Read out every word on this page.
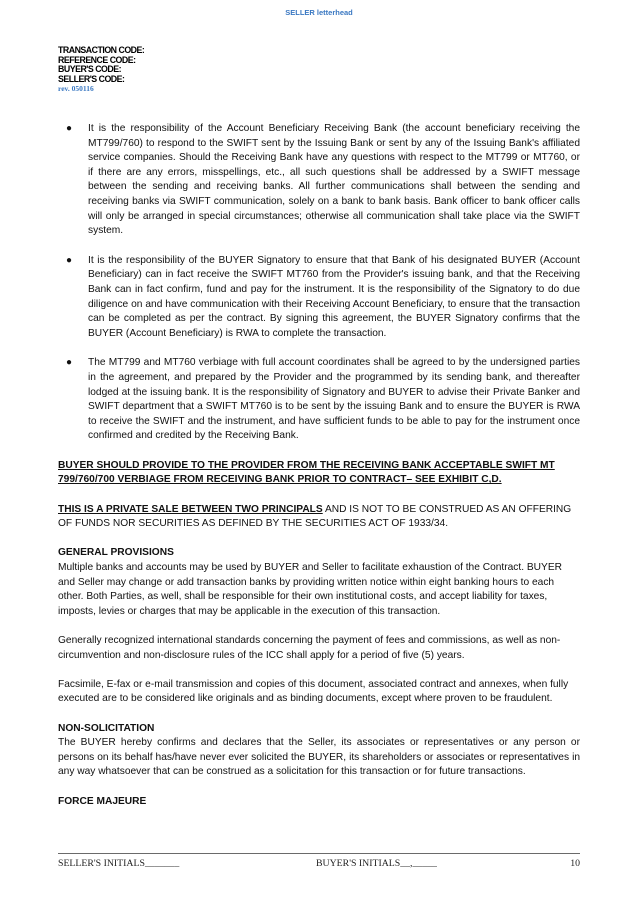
SELLER letterhead
TRANSACTION CODE:
REFERENCE CODE:
BUYER'S CODE:
SELLER'S CODE:
rev. 050116
● It is the responsibility of the Account Beneficiary Receiving Bank (the account beneficiary receiving the MT799/760) to respond to the SWIFT sent by the Issuing Bank or sent by any of the Issuing Bank's affiliated service companies. Should the Receiving Bank have any questions with respect to the MT799 or MT760, or if there are any errors, misspellings, etc., all such questions shall be addressed by a SWIFT message between the sending and receiving banks. All further communications shall between the sending and receiving banks via SWIFT communication, solely on a bank to bank basis. Bank officer to bank officer calls will only be arranged in special circumstances; otherwise all communication shall take place via the SWIFT system.
● It is the responsibility of the BUYER Signatory to ensure that that Bank of his designated BUYER (Account Beneficiary) can in fact receive the SWIFT MT760 from the Provider's issuing bank, and that the Receiving Bank can in fact confirm, fund and pay for the instrument. It is the responsibility of the Signatory to do due diligence on and have communication with their Receiving Account Beneficiary, to ensure that the transaction can be completed as per the contract. By signing this agreement, the BUYER Signatory confirms that the BUYER (Account Beneficiary) is RWA to complete the transaction.
● The MT799 and MT760 verbiage with full account coordinates shall be agreed to by the undersigned parties in the agreement, and prepared by the Provider and the programmed by its sending bank, and thereafter lodged at the issuing bank. It is the responsibility of Signatory and BUYER to advise their Private Banker and SWIFT department that a SWIFT MT760 is to be sent by the issuing Bank and to ensure the BUYER is RWA to receive the SWIFT and the instrument, and have sufficient funds to be able to pay for the instrument once confirmed and credited by the Receiving Bank.

BUYER SHOULD PROVIDE TO THE PROVIDER FROM THE RECEIVING BANK ACCEPTABLE SWIFT MT 799/760/700 VERBIAGE FROM RECEIVING BANK PRIOR TO CONTRACT– SEE EXHIBIT C,D.

THIS IS A PRIVATE SALE BETWEEN TWO PRINCIPALS AND IS NOT TO BE CONSTRUED AS AN OFFERING OF FUNDS NOR SECURITIES AS DEFINED BY THE SECURITIES ACT OF 1933/34.

GENERAL PROVISIONS

Multiple banks and accounts may be used by BUYER and Seller to facilitate exhaustion of the Contract. BUYER and Seller may change or add transaction banks by providing written notice within eight banking hours to each other. Both Parties, as well, shall be responsible for their own institutional costs, and accept liability for taxes, imposts, levies or charges that may be applicable in the execution of this transaction.

Generally recognized international standards concerning the payment of fees and commissions, as well as non-circumvention and non-disclosure rules of the ICC shall apply for a period of five (5) years.

Facsimile, E-fax or e-mail transmission and copies of this document, associated contract and annexes, when fully executed are to be considered like originals and as binding documents, except where proven to be fraudulent.

NON-SOLICITATION

The BUYER hereby confirms and declares that the Seller, its associates or representatives or any person or persons on its behalf has/have never ever solicited the BUYER, its shareholders or associates or representatives in any way whatsoever that can be construed as a solicitation for this transaction or for future transactions.

FORCE MAJEURE
SELLER'S INITIALS_______	BUYER'S INITIALS__,_____	10
